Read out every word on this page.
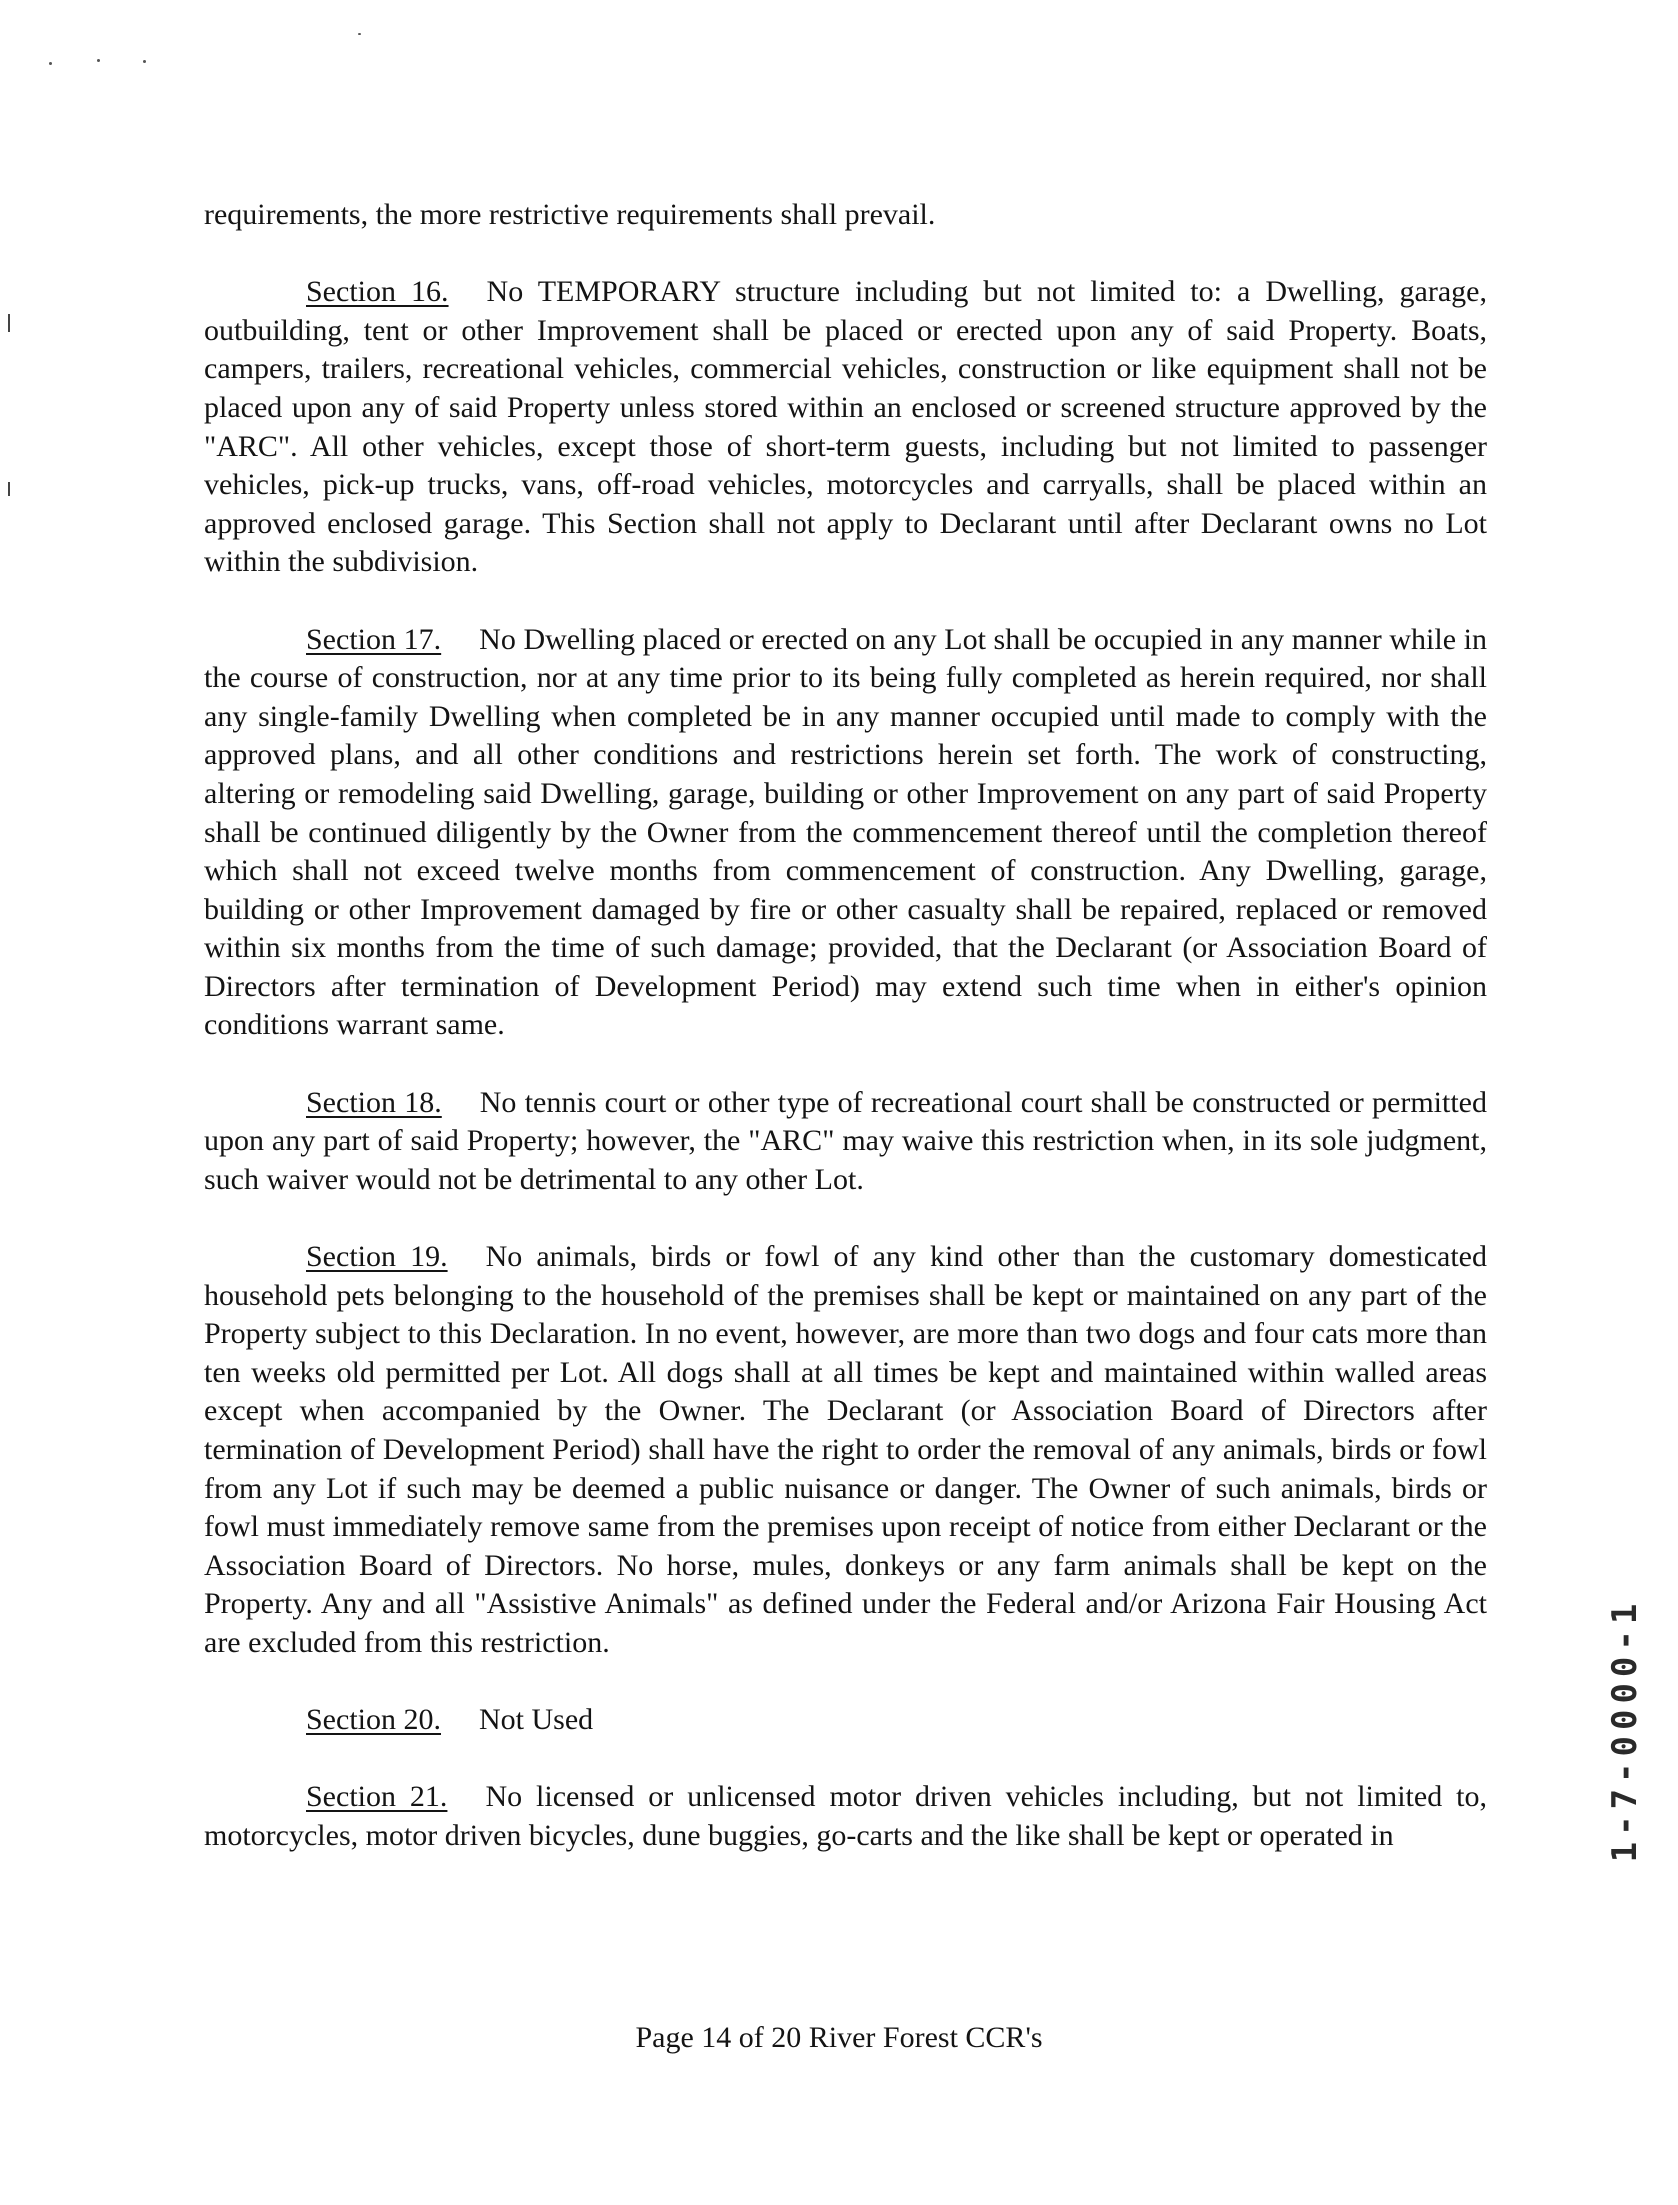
requirements, the more restrictive requirements shall prevail.

Section 16. No TEMPORARY structure including but not limited to: a Dwelling, garage, outbuilding, tent or other Improvement shall be placed or erected upon any of said Property. Boats, campers, trailers, recreational vehicles, commercial vehicles, construction or like equipment shall not be placed upon any of said Property unless stored within an enclosed or screened structure approved by the "ARC". All other vehicles, except those of short-term guests, including but not limited to passenger vehicles, pick-up trucks, vans, off-road vehicles, motorcycles and carryalls, shall be placed within an approved enclosed garage. This Section shall not apply to Declarant until after Declarant owns no Lot within the subdivision.

Section 17. No Dwelling placed or erected on any Lot shall be occupied in any manner while in the course of construction, nor at any time prior to its being fully completed as herein required, nor shall any single-family Dwelling when completed be in any manner occupied until made to comply with the approved plans, and all other conditions and restrictions herein set forth. The work of constructing, altering or remodeling said Dwelling, garage, building or other Improvement on any part of said Property shall be continued diligently by the Owner from the commencement thereof until the completion thereof which shall not exceed twelve months from commencement of construction. Any Dwelling, garage, building or other Improvement damaged by fire or other casualty shall be repaired, replaced or removed within six months from the time of such damage; provided, that the Declarant (or Association Board of Directors after termination of Development Period) may extend such time when in either's opinion conditions warrant same.

Section 18. No tennis court or other type of recreational court shall be constructed or permitted upon any part of said Property; however, the "ARC" may waive this restriction when, in its sole judgment, such waiver would not be detrimental to any other Lot.

Section 19. No animals, birds or fowl of any kind other than the customary domesticated household pets belonging to the household of the premises shall be kept or maintained on any part of the Property subject to this Declaration. In no event, however, are more than two dogs and four cats more than ten weeks old permitted per Lot. All dogs shall at all times be kept and maintained within walled areas except when accompanied by the Owner. The Declarant (or Association Board of Directors after termination of Development Period) shall have the right to order the removal of any animals, birds or fowl from any Lot if such may be deemed a public nuisance or danger. The Owner of such animals, birds or fowl must immediately remove same from the premises upon receipt of notice from either Declarant or the Association Board of Directors. No horse, mules, donkeys or any farm animals shall be kept on the Property. Any and all "Assistive Animals" as defined under the Federal and/or Arizona Fair Housing Act are excluded from this restriction.

Section 20. Not Used

Section 21. No licensed or unlicensed motor driven vehicles including, but not limited to, motorcycles, motor driven bicycles, dune buggies, go-carts and the like shall be kept or operated in

Page 14 of 20 River Forest CCR's
1-7-0000-1
